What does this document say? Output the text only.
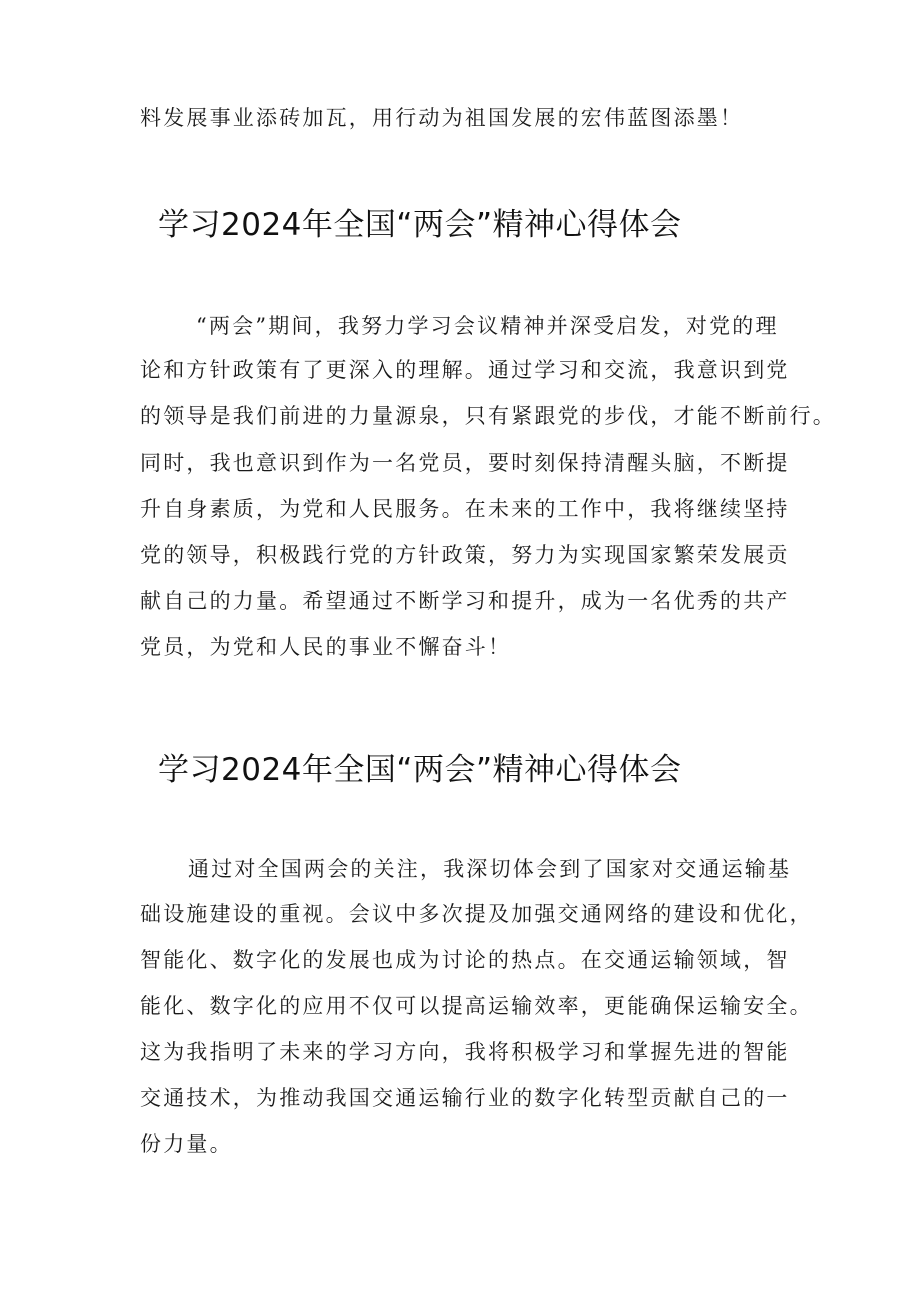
料发展事业添砖加瓦，用行动为祖国发展的宏伟蓝图添墨！
学习2024年全国“两会”精神心得体会
“两会”期间，我努力学习会议精神并深受启发，对党的理
论和方针政策有了更深入的理解。通过学习和交流，我意识到党
的领导是我们前进的力量源泉，只有紧跟党的步伐，才能不断前行。
同时，我也意识到作为一名党员，要时刻保持清醒头脑，不断提
升自身素质，为党和人民服务。在未来的工作中，我将继续坚持
党的领导，积极践行党的方针政策，努力为实现国家繁荣发展贡
献自己的力量。希望通过不断学习和提升，成为一名优秀的共产
党员，为党和人民的事业不懈奋斗！
学习2024年全国“两会”精神心得体会
通过对全国两会的关注，我深切体会到了国家对交通运输基
础设施建设的重视。会议中多次提及加强交通网络的建设和优化，
智能化、数字化的发展也成为讨论的热点。在交通运输领域，智
能化、数字化的应用不仅可以提高运输效率，更能确保运输安全。
这为我指明了未来的学习方向，我将积极学习和掌握先进的智能
交通技术，为推动我国交通运输行业的数字化转型贡献自己的一
份力量。
